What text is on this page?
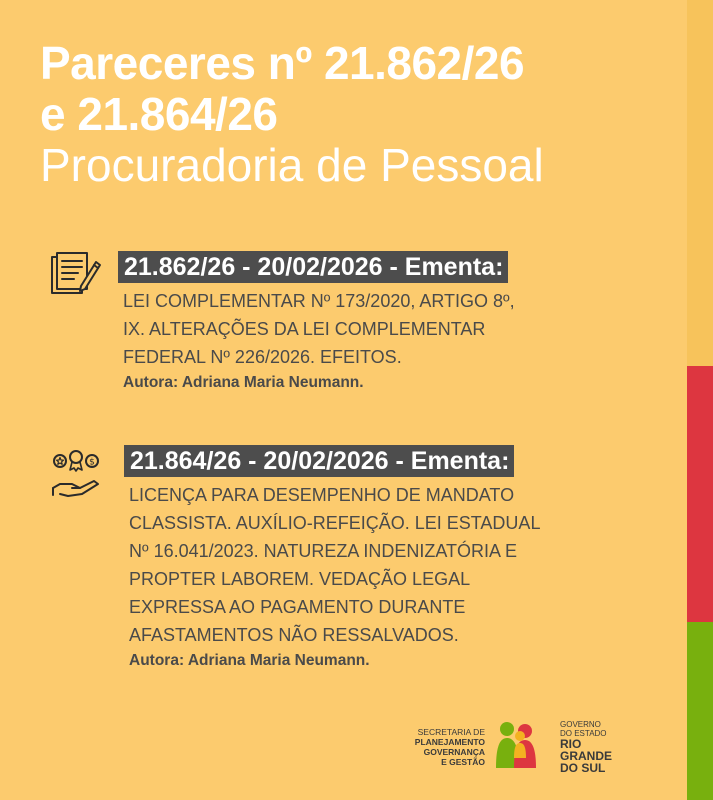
Pareceres nº 21.862/26
e 21.864/26
Procuradoria de Pessoal
21.862/26 - 20/02/2026 - Ementa:
LEI COMPLEMENTAR Nº 173/2020, ARTIGO 8º,
IX. ALTERAÇÕES DA LEI COMPLEMENTAR
FEDERAL Nº 226/2026. EFEITOS.
Autora: Adriana Maria Neumann.
$ 21.864/26 - 20/02/2026 - Ementa:
LICENÇA PARA DESEMPENHO DE MANDATO
CLASSISTA. AUXÍLIO-REFEIÇÃO. LEI ESTADUAL
Nº 16.041/2023. NATUREZA INDENIZATÓRIA E
PROPTER LABOREM. VEDAÇÃO LEGAL
EXPRESSA AO PAGAMENTO DURANTE
AFASTAMENTOS NÃO RESSALVADOS.
Autora: Adriana Maria Neumann.
SECRETARIA DE
PLANEJAMENTO
GOVERNANÇA
E GESTÃO
GOVERNO
DO ESTADO
RIO
GRANDE
DO SUL
